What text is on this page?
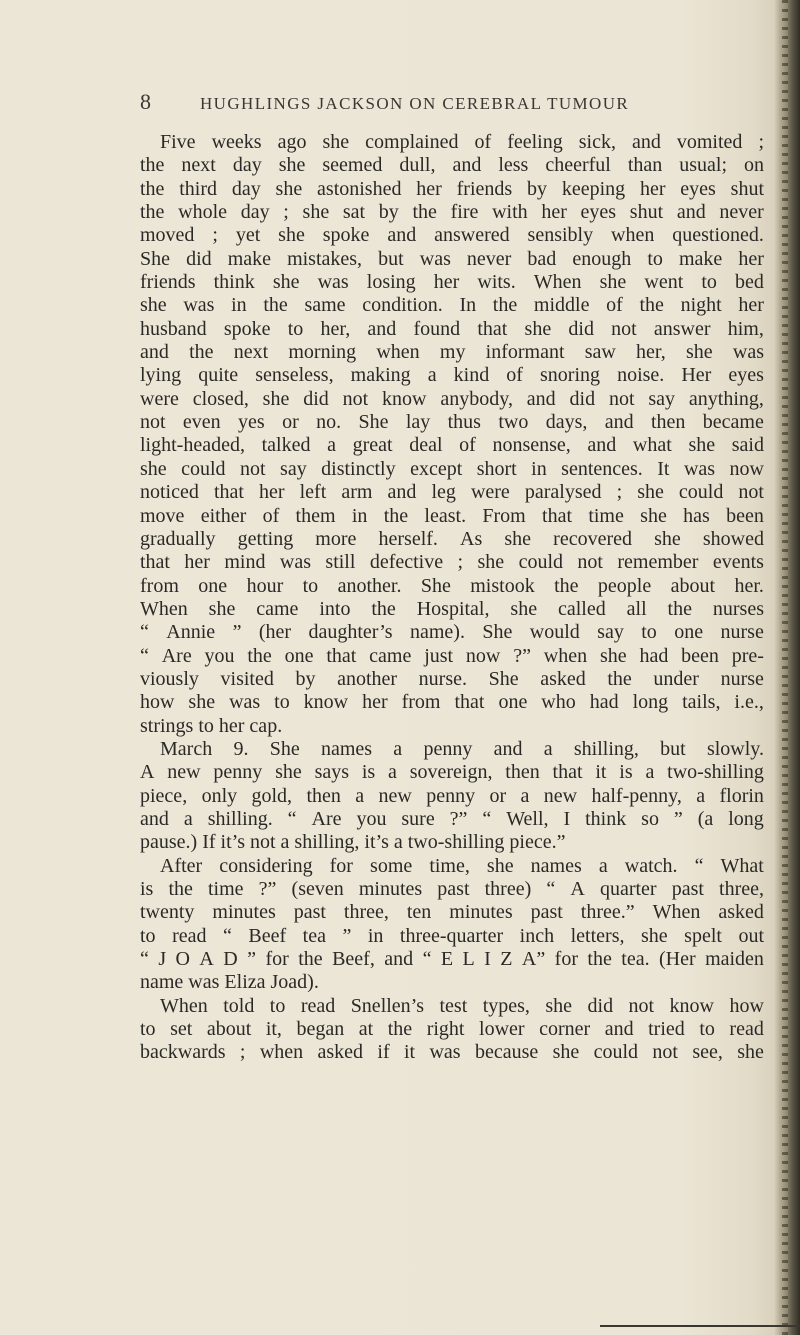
8	HUGHLINGS JACKSON ON CEREBRAL TUMOUR
Five weeks ago she complained of feeling sick, and vomited ;
the next day she seemed dull, and less cheerful than usual; on
the third day she astonished her friends by keeping her eyes shut
the whole day ; she sat by the fire with her eyes shut and never
moved ; yet she spoke and answered sensibly when questioned.
She did make mistakes, but was never bad enough to make her
friends think she was losing her wits. When she went to bed
she was in the same condition. In the middle of the night her
husband spoke to her, and found that she did not answer him,
and the next morning when my informant saw her, she was
lying quite senseless, making a kind of snoring noise. Her eyes
were closed, she did not know anybody, and did not say anything,
not even yes or no. She lay thus two days, and then became
light-headed, talked a great deal of nonsense, and what she said
she could not say distinctly except short in sentences. It was now
noticed that her left arm and leg were paralysed ; she could not
move either of them in the least. From that time she has been
gradually getting more herself. As she recovered she showed
that her mind was still defective ; she could not remember events
from one hour to another. She mistook the people about her.
When she came into the Hospital, she called all the nurses
“ Annie ” (her daughter’s name). She would say to one nurse
“ Are you the one that came just now ?” when she had been pre-
viously visited by another nurse. She asked the under nurse
how she was to know her from that one who had long tails, i.e.,
strings to her cap.
March 9. She names a penny and a shilling, but slowly.
A new penny she says is a sovereign, then that it is a two-shilling
piece, only gold, then a new penny or a new half-penny, a florin
and a shilling. “ Are you sure ?” “ Well, I think so ” (a long
pause.) If it’s not a shilling, it’s a two-shilling piece.”
After considering for some time, she names a watch. “ What
is the time ?” (seven minutes past three) “ A quarter past three,
twenty minutes past three, ten minutes past three.” When asked
to read “ Beef tea ” in three-quarter inch letters, she spelt out
“ J O A D ” for the Beef, and “ E L I Z A” for the tea. (Her maiden
name was Eliza Joad).
When told to read Snellen’s test types, she did not know how
to set about it, began at the right lower corner and tried to read
backwards ; when asked if it was because she could not see, she
